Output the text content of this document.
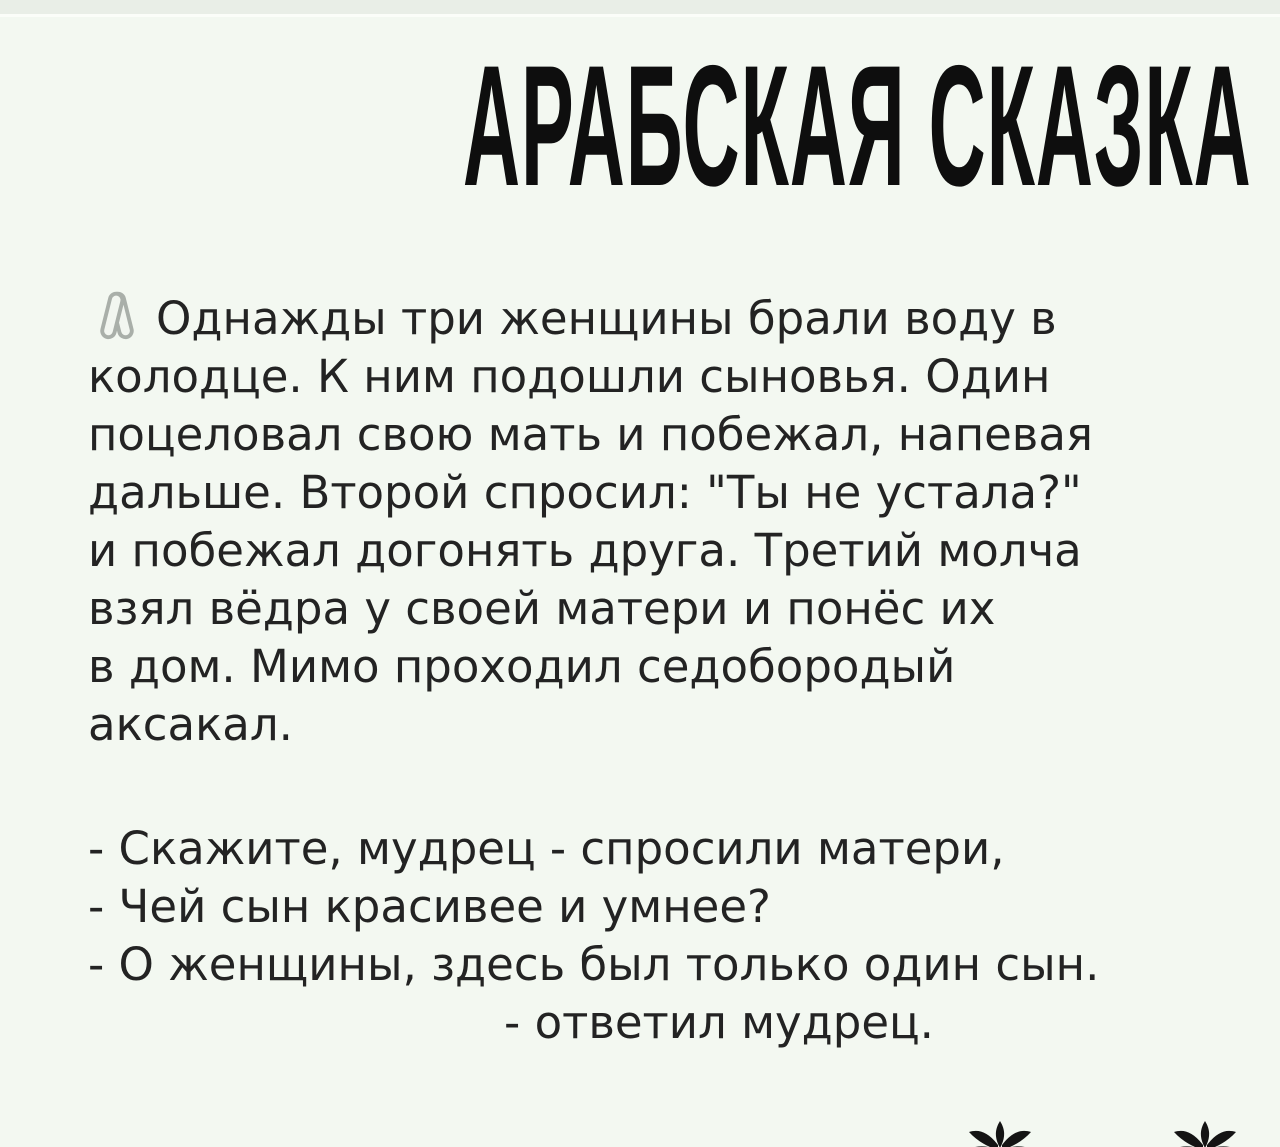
АРАБСКАЯ СКАЗКА
Однажды три женщины брали воду в
колодце. К ним подошли сыновья. Один
поцеловал свою мать и побежал, напевая
дальше. Второй спросил: "Ты не устала?"
и побежал догонять друга. Третий молча
взял вёдра у своей матери и понёс их
в дом. Мимо проходил седобородый
аксакал.
- Скажите, мудрец - спросили матери,
- Чей сын красивее и умнее?
- О женщины, здесь был только один сын.
- ответил мудрец.
